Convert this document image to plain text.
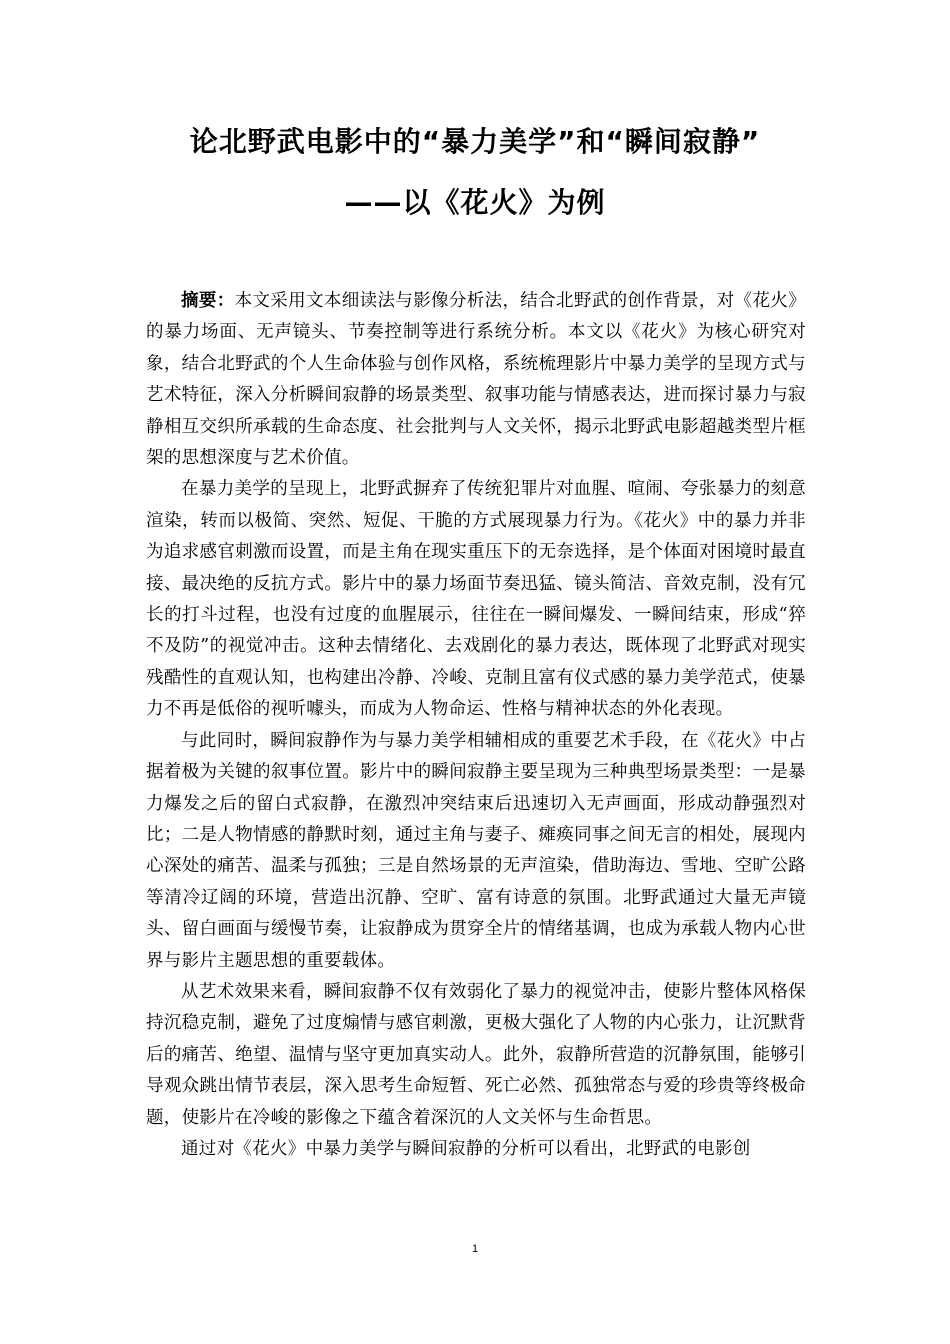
论北野武电影中的“暴力美学”和“瞬间寂静”
——以《花火》为例

摘要：本文采用文本细读法与影像分析法，结合北野武的创作背景，对《花火》的暴力场面、无声镜头、节奏控制等进行系统分析。本文以《花火》为核心研究对象，结合北野武的个人生命体验与创作风格，系统梳理影片中暴力美学的呈现方式与艺术特征，深入分析瞬间寂静的场景类型、叙事功能与情感表达，进而探讨暴力与寂静相互交织所承载的生命态度、社会批判与人文关怀，揭示北野武电影超越类型片框架的思想深度与艺术价值。

在暴力美学的呈现上，北野武摒弃了传统犯罪片对血腥、喧闹、夸张暴力的刻意渲染，转而以极简、突然、短促、干脆的方式展现暴力行为。《花火》中的暴力并非为追求感官刺激而设置，而是主角在现实重压下的无奈选择，是个体面对困境时最直接、最决绝的反抗方式。影片中的暴力场面节奏迅猛、镜头简洁、音效克制，没有冗长的打斗过程，也没有过度的血腥展示，往往在一瞬间爆发、一瞬间结束，形成“猝不及防”的视觉冲击。这种去情绪化、去戏剧化的暴力表达，既体现了北野武对现实残酷性的直观认知，也构建出冷静、冷峻、克制且富有仪式感的暴力美学范式，使暴力不再是低俗的视听噱头，而成为人物命运、性格与精神状态的外化表现。

与此同时，瞬间寂静作为与暴力美学相辅相成的重要艺术手段，在《花火》中占据着极为关键的叙事位置。影片中的瞬间寂静主要呈现为三种典型场景类型：一是暴力爆发之后的留白式寂静，在激烈冲突结束后迅速切入无声画面，形成动静强烈对比；二是人物情感的静默时刻，通过主角与妻子、瘫痪同事之间无言的相处，展现内心深处的痛苦、温柔与孤独；三是自然场景的无声渲染，借助海边、雪地、空旷公路等清冷辽阔的环境，营造出沉静、空旷、富有诗意的氛围。北野武通过大量无声镜头、留白画面与缓慢节奏，让寂静成为贯穿全片的情绪基调，也成为承载人物内心世界与影片主题思想的重要载体。

从艺术效果来看，瞬间寂静不仅有效弱化了暴力的视觉冲击，使影片整体风格保持沉稳克制，避免了过度煽情与感官刺激，更极大强化了人物的内心张力，让沉默背后的痛苦、绝望、温情与坚守更加真实动人。此外，寂静所营造的沉静氛围，能够引导观众跳出情节表层，深入思考生命短暂、死亡必然、孤独常态与爱的珍贵等终极命题，使影片在冷峻的影像之下蕴含着深沉的人文关怀与生命哲思。

通过对《花火》中暴力美学与瞬间寂静的分析可以看出，北野武的电影创

1
